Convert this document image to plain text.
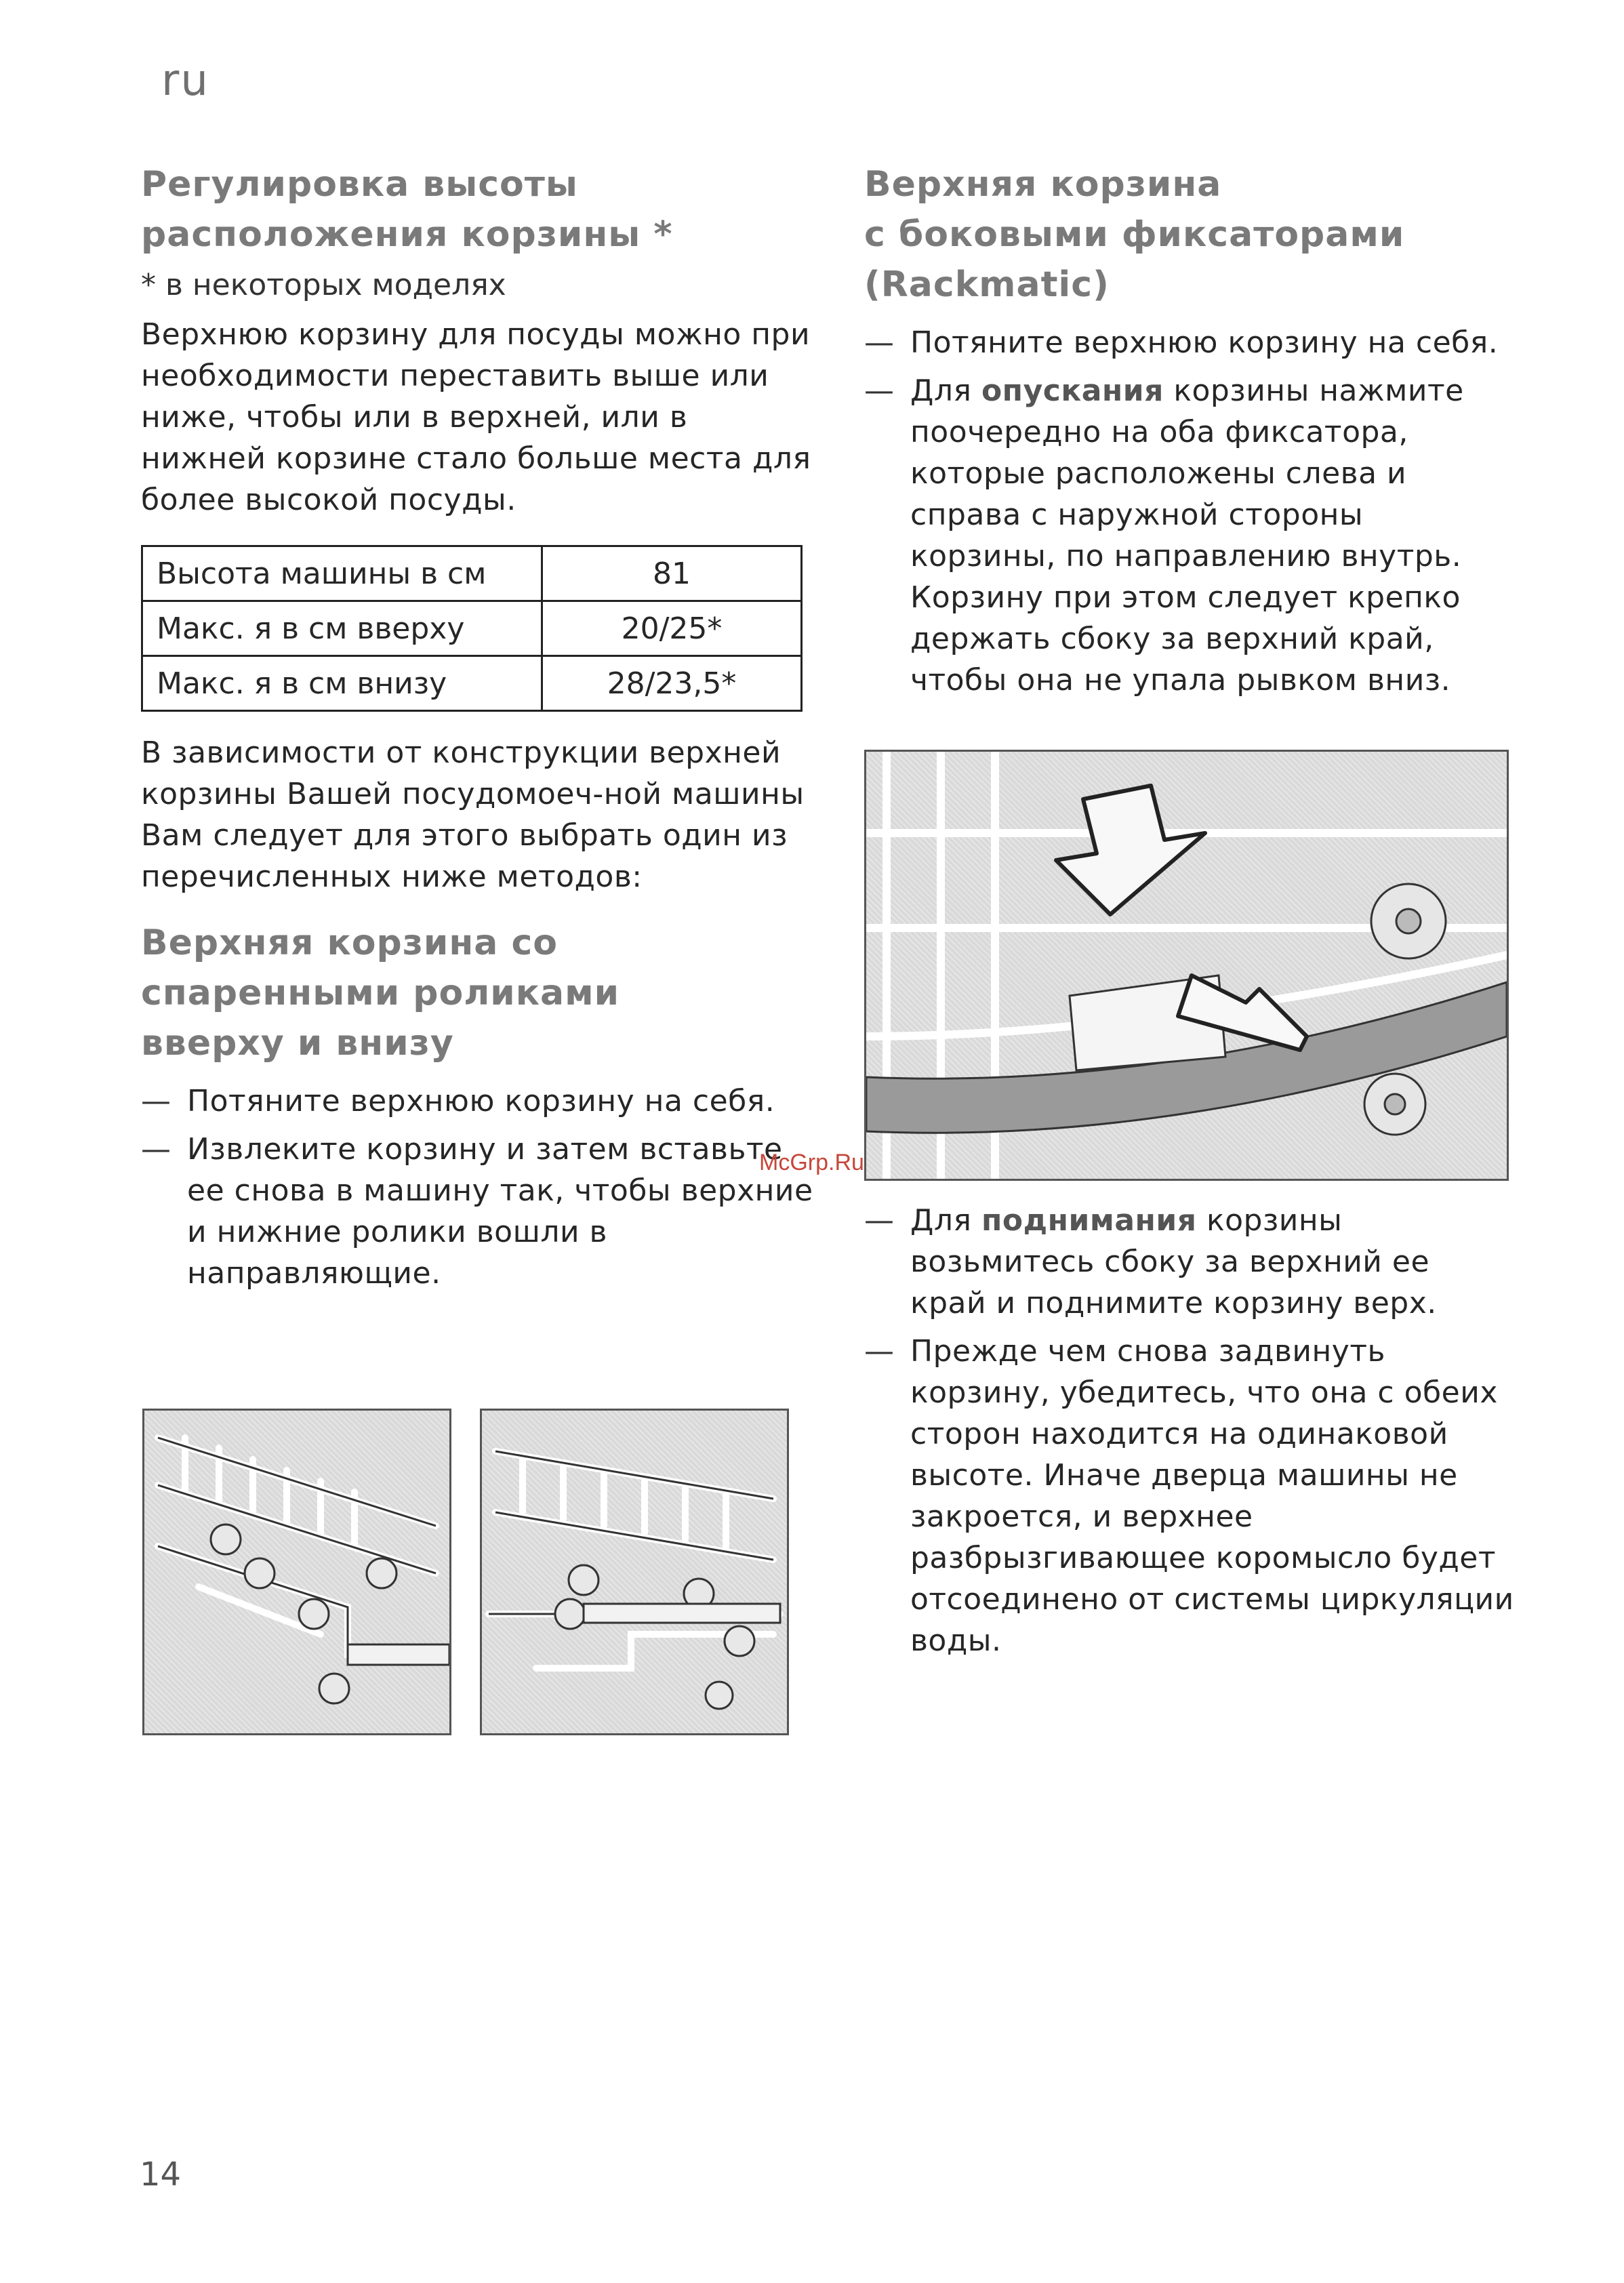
ru
Регулировка высоты
расположения корзины *
* в некоторых моделях

Верхнюю корзину для посуды можно при необходимости переставить выше или ниже, чтобы или в верхней, или в нижней корзине стало больше места для более высокой посуды.

Высота машины в см	81
Макс. я в см вверху	20/25*
Макс. я в см внизу	28/23,5*

В зависимости от конструкции верхней корзины Вашей посудомоеч-ной машины Вам следует для этого выбрать один из перечисленных ниже методов:

Верхняя корзина со
спаренными роликами
вверху и внизу
— Потяните верхнюю корзину на себя.
— Извлеките корзину и затем вставьте ее снова в машину так, чтобы верхние и нижние ролики вошли в направляющие.
Верхняя корзина
с боковыми фиксаторами
(Rackmatic)
— Потяните верхнюю корзину на себя.
— Для опускания корзины нажмите поочередно на оба фиксатора, которые расположены слева и справа с наружной стороны корзины, по направлению внутрь. Корзину при этом следует крепко держать сбоку за верхний край, чтобы она не упала рывком вниз.
— Для поднимания корзины возьмитесь сбоку за верхний ее край и поднимите корзину верх.
— Прежде чем снова задвинуть корзину, убедитесь, что она с обеих сторон находится на одинаковой высоте. Иначе дверца машины не закроется, и верхнее разбрызгивающее коромысло будет отсоединено от системы циркуляции воды.
McGrp.Ru
14
